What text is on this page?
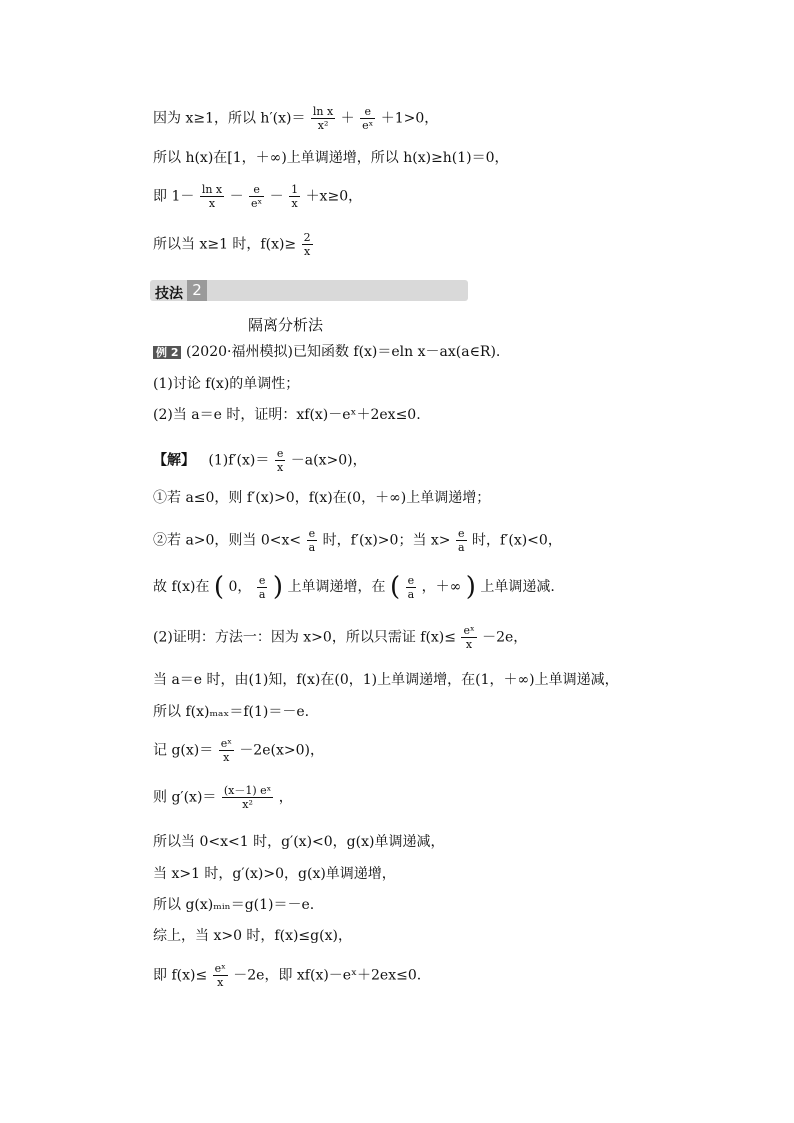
因为 x≥1，所以 $h'(x)= \frac{\text{ln x}}{\text{x²}} + \frac{e}{\text{eˣ}} +1>0$，
所以 h(x)在[1，＋∞)上单调递增，所以 h(x)≥h(1)＝0，
即 $1- \frac{\text{ln x}}{x} - \frac{e}{\text{eˣ}} - \frac{1}{x} +x\ge 0$，
所以当 x≥1 时，$f(x)\ge \frac{2}{x}$
技法 2
隔离分析法
例 2 (2020·福州模拟)已知函数 f(x)＝eln x－ax(a∈R).
(1)讨论 f(x)的单调性；
(2)当 a＝e 时，证明：xf(x)－eˣ＋2ex≤0.
【解】 $(1)f'(x)= \frac{e}{x} -a(x>0)$，
①若 a≤0，则 f′(x)>0，f(x)在(0，＋∞)上单调递增；
②若 a>0，则当 $0<x< \frac{e}{a}$ 时，f′(x)>0；当 $x> \frac{e}{a}$ 时，f′(x)<0，
故 f(x)在 ( 0， $\frac{e}{a}$ ) 上单调递增，在 ( $\frac{e}{a}$ ，＋∞ ) 上单调递减.
(2)证明：方法一：因为 x>0，所以只需证 $f(x)\le \frac{\text{eˣ}}{x} -2e$，
当 a＝e 时，由(1)知，f(x)在(0，1)上单调递增，在(1，＋∞)上单调递减，
所以 f(x)ₘₐₓ＝f(1)＝－e.
记 $g(x)= \frac{\text{eˣ}}{x} -2e(x>0)$，
则 $g'(x)= \frac{\text{(x－1) eˣ}}{\text{x²}}$ ，
所以当 0<x<1 时，g′(x)<0，g(x)单调递减，
当 x>1 时，g′(x)>0，g(x)单调递增，
所以 g(x)ₘᵢₙ＝g(1)＝－e.
综上，当 x>0 时，f(x)≤g(x)，
即 $f(x)\le \frac{\text{eˣ}}{x} -2e$，即 xf(x)－eˣ＋2ex≤0.
